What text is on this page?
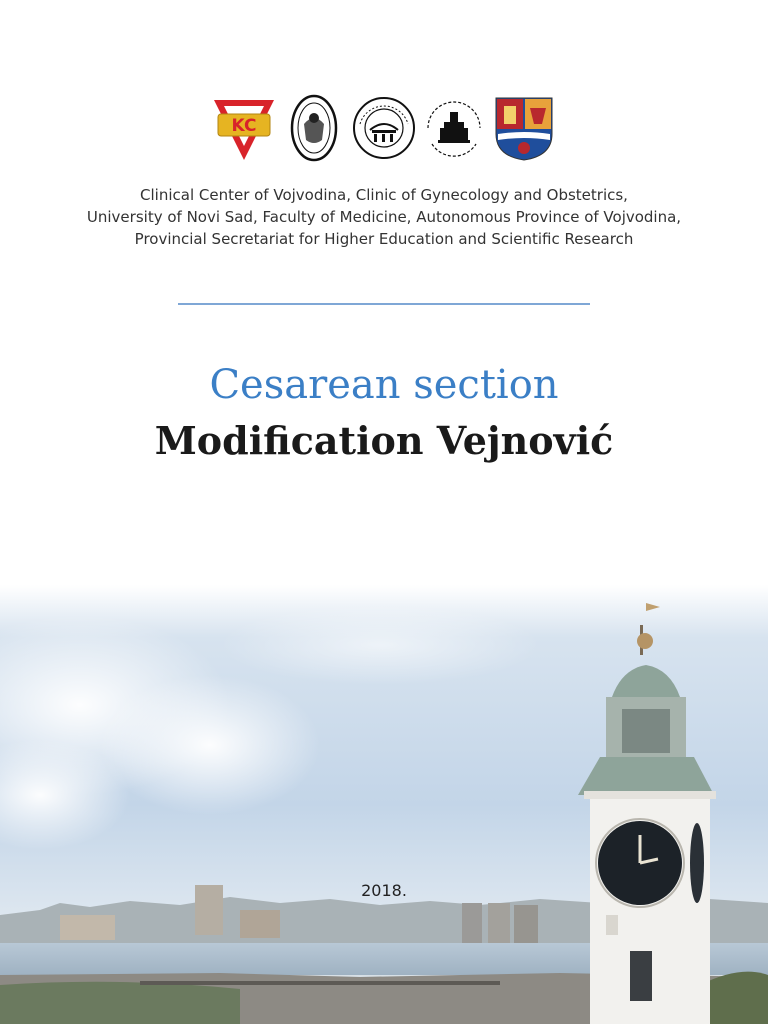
KC
Clinical Center of Vojvodina, Clinic of Gynecology and Obstetrics,
University of Novi Sad, Faculty of Medicine, Autonomous Province of Vojvodina,
Provincial Secretariat for Higher Education and Scientific Research
Cesarean section
Modification Vejnović
2018.
